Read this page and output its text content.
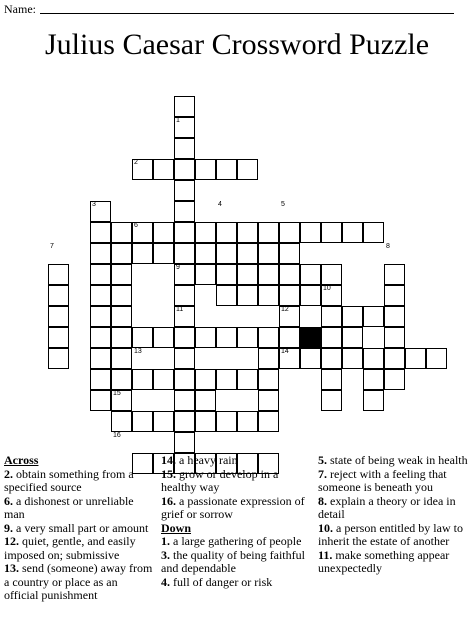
Name:
Julius Caesar Crossword Puzzle
1
2
3	4	5
6
7	8
9
10
11	12
13	14
15
16
Across
2. obtain something from a specified source
6. a dishonest or unreliable man
9. a very small part or amount
12. quiet, gentle, and easily imposed on; submissive
13. send (someone) away from a country or place as an official punishment
14. a heavy rain
15. grow or develop in a healthy way
16. a passionate expression of grief or sorrow
Down
1. a large gathering of people
3. the quality of being faithful and dependable
4. full of danger or risk
5. state of being weak in health
7. reject with a feeling that someone is beneath you
8. explain a theory or idea in detail
10. a person entitled by law to inherit the estate of another
11. make something appear unexpectedly
